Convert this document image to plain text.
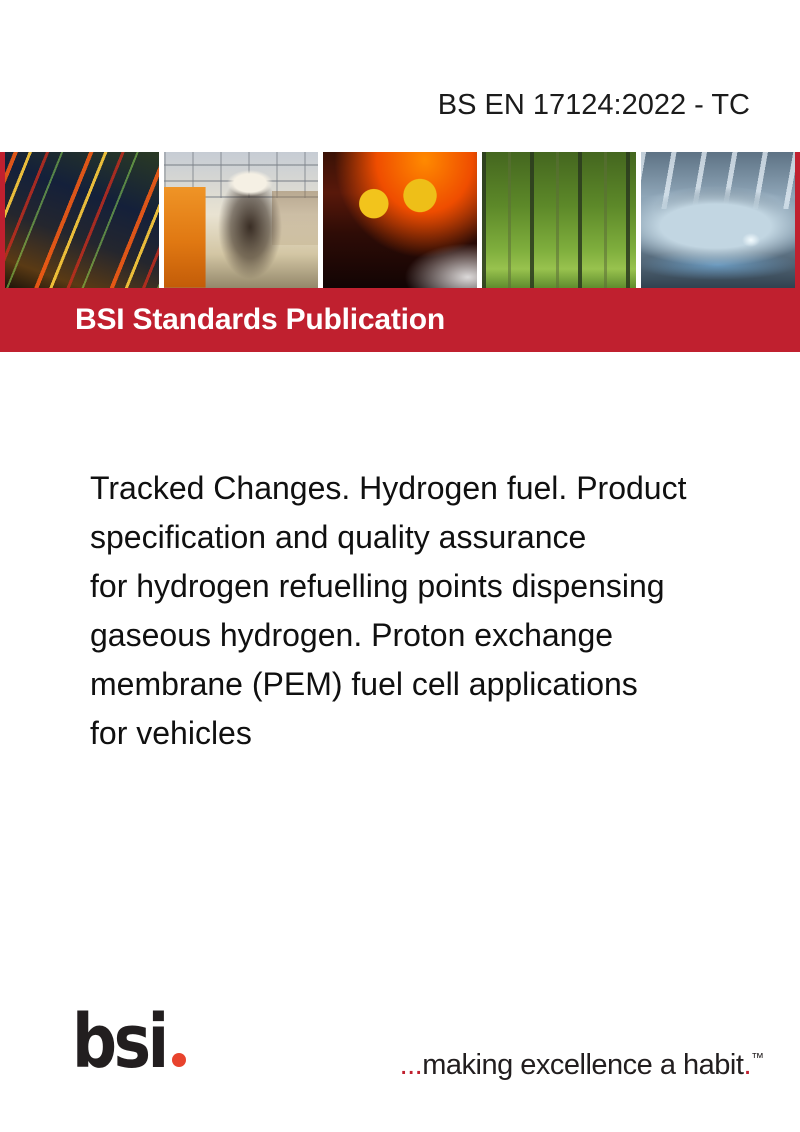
BS EN 17124:2022 - TC
BSI Standards Publication
Tracked Changes. Hydrogen fuel. Product
specification and quality assurance
for hydrogen refuelling points dispensing
gaseous hydrogen. Proton exchange
membrane (PEM) fuel cell applications
for vehicles
bsi	...making excellence a habit.™
